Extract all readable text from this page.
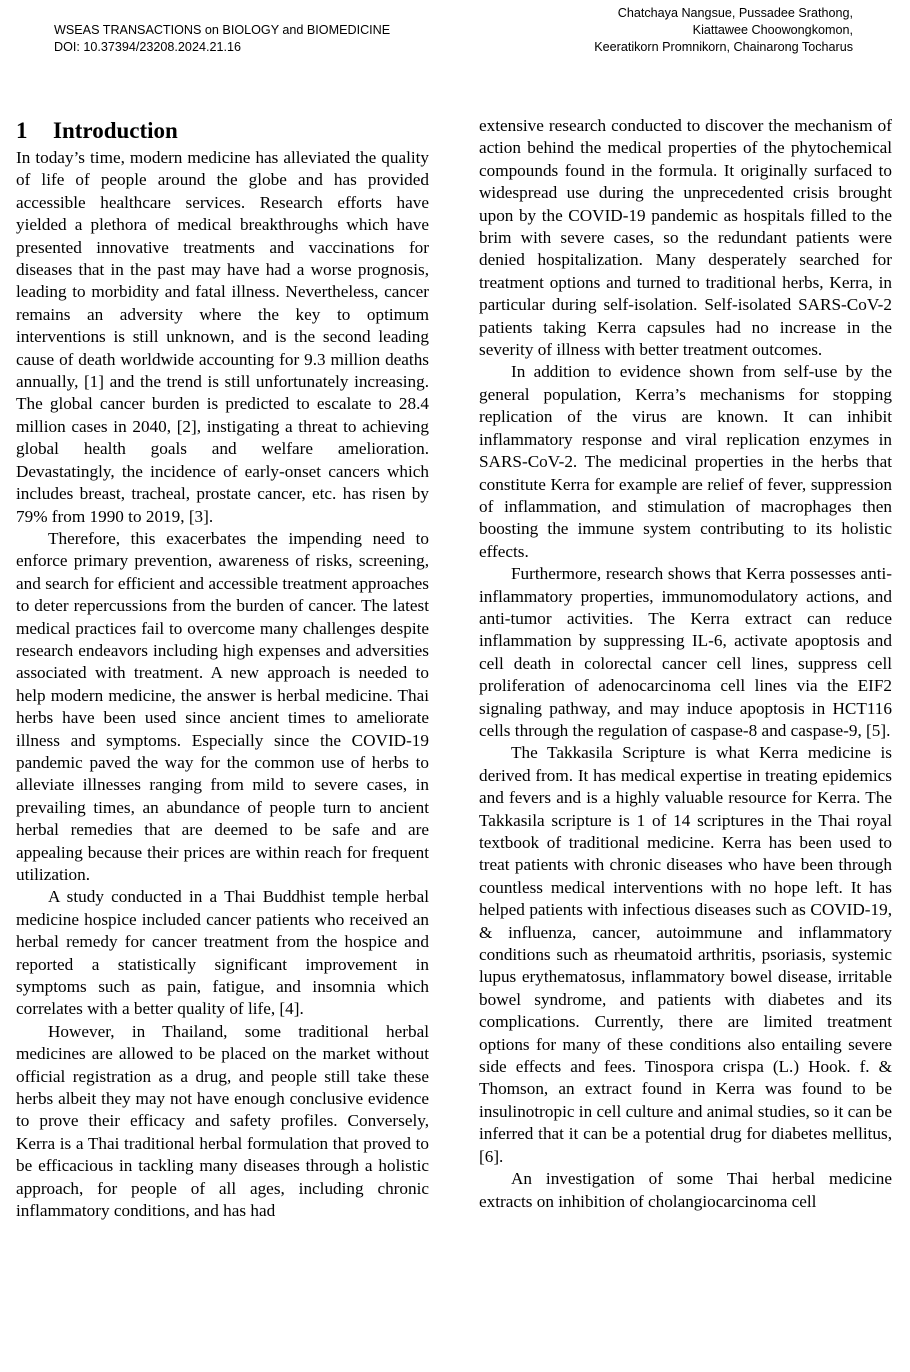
WSEAS TRANSACTIONS on BIOLOGY and BIOMEDICINE
DOI: 10.37394/23208.2024.21.16
Chatchaya Nangsue, Pussadee Srathong,
Kiattawee Choowongkomon,
Keeratikorn Promnikorn, Chainarong Tocharus
1 Introduction

In today’s time, modern medicine has alleviated the quality of life of people around the globe and has provided accessible healthcare services. Research efforts have yielded a plethora of medical breakthroughs which have presented innovative treatments and vaccinations for diseases that in the past may have had a worse prognosis, leading to morbidity and fatal illness. Nevertheless, cancer remains an adversity where the key to optimum interventions is still unknown, and is the second leading cause of death worldwide accounting for 9.3 million deaths annually, [1] and the trend is still unfortunately increasing. The global cancer burden is predicted to escalate to 28.4 million cases in 2040, [2], instigating a threat to achieving global health goals and welfare amelioration. Devastatingly, the incidence of early-onset cancers which includes breast, tracheal, prostate cancer, etc. has risen by 79% from 1990 to 2019, [3].

Therefore, this exacerbates the impending need to enforce primary prevention, awareness of risks, screening, and search for efficient and accessible treatment approaches to deter repercussions from the burden of cancer. The latest medical practices fail to overcome many challenges despite research endeavors including high expenses and adversities associated with treatment. A new approach is needed to help modern medicine, the answer is herbal medicine. Thai herbs have been used since ancient times to ameliorate illness and symptoms. Especially since the COVID-19 pandemic paved the way for the common use of herbs to alleviate illnesses ranging from mild to severe cases, in prevailing times, an abundance of people turn to ancient herbal remedies that are deemed to be safe and are appealing because their prices are within reach for frequent utilization.

A study conducted in a Thai Buddhist temple herbal medicine hospice included cancer patients who received an herbal remedy for cancer treatment from the hospice and reported a statistically significant improvement in symptoms such as pain, fatigue, and insomnia which correlates with a better quality of life, [4].

However, in Thailand, some traditional herbal medicines are allowed to be placed on the market without official registration as a drug, and people still take these herbs albeit they may not have enough conclusive evidence to prove their efficacy and safety profiles. Conversely, Kerra is a Thai traditional herbal formulation that proved to be efficacious in tackling many diseases through a holistic approach, for people of all ages, including chronic inflammatory conditions, and has had

extensive research conducted to discover the mechanism of action behind the medical properties of the phytochemical compounds found in the formula. It originally surfaced to widespread use during the unprecedented crisis brought upon by the COVID-19 pandemic as hospitals filled to the brim with severe cases, so the redundant patients were denied hospitalization. Many desperately searched for treatment options and turned to traditional herbs, Kerra, in particular during self-isolation. Self-isolated SARS-CoV-2 patients taking Kerra capsules had no increase in the severity of illness with better treatment outcomes.

In addition to evidence shown from self-use by the general population, Kerra’s mechanisms for stopping replication of the virus are known. It can inhibit inflammatory response and viral replication enzymes in SARS-CoV-2. The medicinal properties in the herbs that constitute Kerra for example are relief of fever, suppression of inflammation, and stimulation of macrophages then boosting the immune system contributing to its holistic effects.

Furthermore, research shows that Kerra possesses anti-inflammatory properties, immunomodulatory actions, and anti-tumor activities. The Kerra extract can reduce inflammation by suppressing IL-6, activate apoptosis and cell death in colorectal cancer cell lines, suppress cell proliferation of adenocarcinoma cell lines via the EIF2 signaling pathway, and may induce apoptosis in HCT116 cells through the regulation of caspase-8 and caspase-9, [5].

The Takkasila Scripture is what Kerra medicine is derived from. It has medical expertise in treating epidemics and fevers and is a highly valuable resource for Kerra. The Takkasila scripture is 1 of 14 scriptures in the Thai royal textbook of traditional medicine. Kerra has been used to treat patients with chronic diseases who have been through countless medical interventions with no hope left. It has helped patients with infectious diseases such as COVID-19, & influenza, cancer, autoimmune and inflammatory conditions such as rheumatoid arthritis, psoriasis, systemic lupus erythematosus, inflammatory bowel disease, irritable bowel syndrome, and patients with diabetes and its complications. Currently, there are limited treatment options for many of these conditions also entailing severe side effects and fees. Tinospora crispa (L.) Hook. f. & Thomson, an extract found in Kerra was found to be insulinotropic in cell culture and animal studies, so it can be inferred that it can be a potential drug for diabetes mellitus, [6].

An investigation of some Thai herbal medicine extracts on inhibition of cholangiocarcinoma cell
